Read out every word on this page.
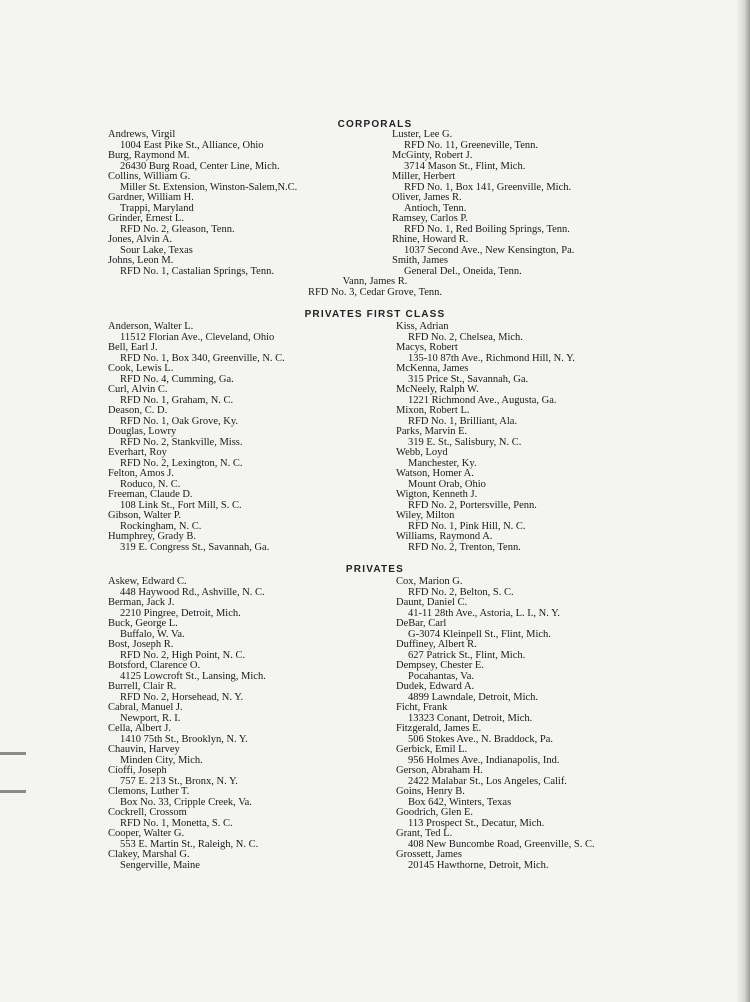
CORPORALS
Andrews, Virgil
1004 East Pike St., Alliance, Ohio
Burg, Raymond M.
26430 Burg Road, Center Line, Mich.
Collins, William G.
Miller St. Extension, Winston-Salem,N.C.
Gardner, William H.
Trappi, Maryland
Grinder, Ernest L.
RFD No. 2, Gleason, Tenn.
Jones, Alvin A.
Sour Lake, Texas
Johns, Leon M.
RFD No. 1, Castalian Springs, Tenn.
Luster, Lee G.
RFD No. 11, Greeneville, Tenn.
McGinty, Robert J.
3714 Mason St., Flint, Mich.
Miller, Herbert
RFD No. 1, Box 141, Greenville, Mich.
Oliver, James R.
Antioch, Tenn.
Ramsey, Carlos P.
RFD No. 1, Red Boiling Springs, Tenn.
Rhine, Howard R.
1037 Second Ave., New Kensington, Pa.
Smith, James
General Del., Oneida, Tenn.
Vann, James R.
RFD No. 3, Cedar Grove, Tenn.
PRIVATES FIRST CLASS
Anderson, Walter L.
11512 Florian Ave., Cleveland, Ohio
Bell, Earl J.
RFD No. 1, Box 340, Greenville, N. C.
Cook, Lewis L.
RFD No. 4, Cumming, Ga.
Curl, Alvin C.
RFD No. 1, Graham, N. C.
Deason, C. D.
RFD No. 1, Oak Grove, Ky.
Douglas, Lowry
RFD No. 2, Stankville, Miss.
Everhart, Roy
RFD No. 2, Lexington, N. C.
Felton, Amos J.
Roduco, N. C.
Freeman, Claude D.
108 Link St., Fort Mill, S. C.
Gibson, Walter P.
Rockingham, N. C.
Humphrey, Grady B.
319 E. Congress St., Savannah, Ga.
Kiss, Adrian
RFD No. 2, Chelsea, Mich.
Macys, Robert
135-10 87th Ave., Richmond Hill, N. Y.
McKenna, James
315 Price St., Savannah, Ga.
McNeely, Ralph W.
1221 Richmond Ave., Augusta, Ga.
Mixon, Robert L.
RFD No. 1, Brilliant, Ala.
Parks, Marvin E.
319 E. St., Salisbury, N. C.
Webb, Loyd
Manchester, Ky.
Watson, Homer A.
Mount Orab, Ohio
Wigton, Kenneth J.
RFD No. 2, Portersville, Penn.
Wiley, Milton
RFD No. 1, Pink Hill, N. C.
Williams, Raymond A.
RFD No. 2, Trenton, Tenn.
PRIVATES
Askew, Edward C.
448 Haywood Rd., Ashville, N. C.
Berman, Jack J.
2210 Pingree, Detroit, Mich.
Buck, George L.
Buffalo, W. Va.
Bost, Joseph R.
RFD No. 2, High Point, N. C.
Botsford, Clarence O.
4125 Lowcroft St., Lansing, Mich.
Burrell, Clair R.
RFD No. 2, Horsehead, N. Y.
Cabral, Manuel J.
Newport, R. I.
Cella, Albert J.
1410 75th St., Brooklyn, N. Y.
Chauvin, Harvey
Minden City, Mich.
Cioffi, Joseph
757 E. 213 St., Bronx, N. Y.
Clemons, Luther T.
Box No. 33, Cripple Creek, Va.
Cockrell, Crossom
RFD No. 1, Monetta, S. C.
Cooper, Walter G.
553 E. Martin St., Raleigh, N. C.
Clakey, Marshal G.
Sengerville, Maine
Cox, Marion G.
RFD No. 2, Belton, S. C.
Daunt, Daniel C.
41-11 28th Ave., Astoria, L. I., N. Y.
DeBar, Carl
G-3074 Kleinpell St., Flint, Mich.
Duffiney, Albert R.
627 Patrick St., Flint, Mich.
Dempsey, Chester E.
Pocahantas, Va.
Dudek, Edward A.
4899 Lawndale, Detroit, Mich.
Ficht, Frank
13323 Conant, Detroit, Mich.
Fitzgerald, James E.
506 Stokes Ave., N. Braddock, Pa.
Gerbick, Emil L.
956 Holmes Ave., Indianapolis, Ind.
Gerson, Abraham H.
2422 Malabar St., Los Angeles, Calif.
Goins, Henry B.
Box 642, Winters, Texas
Goodrich, Glen E.
113 Prospect St., Decatur, Mich.
Grant, Ted L.
408 New Buncombe Road, Greenville, S. C.
Grossett, James
20145 Hawthorne, Detroit, Mich.
